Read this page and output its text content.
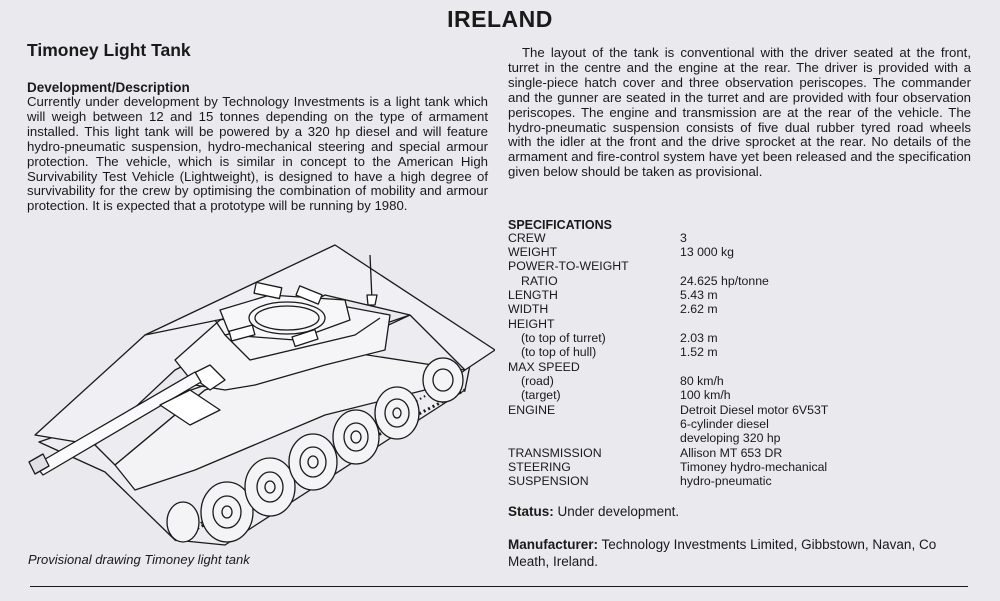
IRELAND
Timoney Light Tank
Development/Description
Currently under development by Technology Investments is a light tank which will weigh between 12 and 15 tonnes depending on the type of armament installed. This light tank will be powered by a 320 hp diesel and will feature hydro-pneumatic suspension, hydro-mechanical steering and special armour protection. The vehicle, which is similar in concept to the American High Survivability Test Vehicle (Lightweight), is designed to have a high degree of survivability for the crew by optimising the combination of mobility and armour protection. It is expected that a prototype will be running by 1980.
The layout of the tank is conventional with the driver seated at the front, turret in the centre and the engine at the rear. The driver is provided with a single-piece hatch cover and three observation periscopes. The commander and the gunner are seated in the turret and are provided with four observation periscopes. The engine and transmission are at the rear of the vehicle. The hydro-pneumatic suspension consists of five dual rubber tyred road wheels with the idler at the front and the drive sprocket at the rear. No details of the armament and fire-control system have yet been released and the specification given below should be taken as provisional.
SPECIFICATIONS
CREW
WEIGHT
POWER-TO-WEIGHT
RATIO
LENGTH
WIDTH
HEIGHT
(to top of turret)
(to top of hull)
MAX SPEED
(road)
(target)
ENGINE
TRANSMISSION
STEERING
SUSPENSION
3
13 000 kg
24.625 hp/tonne
5.43 m
2.62 m
2.03 m
1.52 m
80 km/h
100 km/h
Detroit Diesel motor 6V53T
6-cylinder diesel
developing 320 hp
Allison MT 653 DR
Timoney hydro-mechanical
hydro-pneumatic
Status: Under development.
Manufacturer: Technology Investments Limited, Gibbstown, Navan, Co Meath, Ireland.
Provisional drawing Timoney light tank
